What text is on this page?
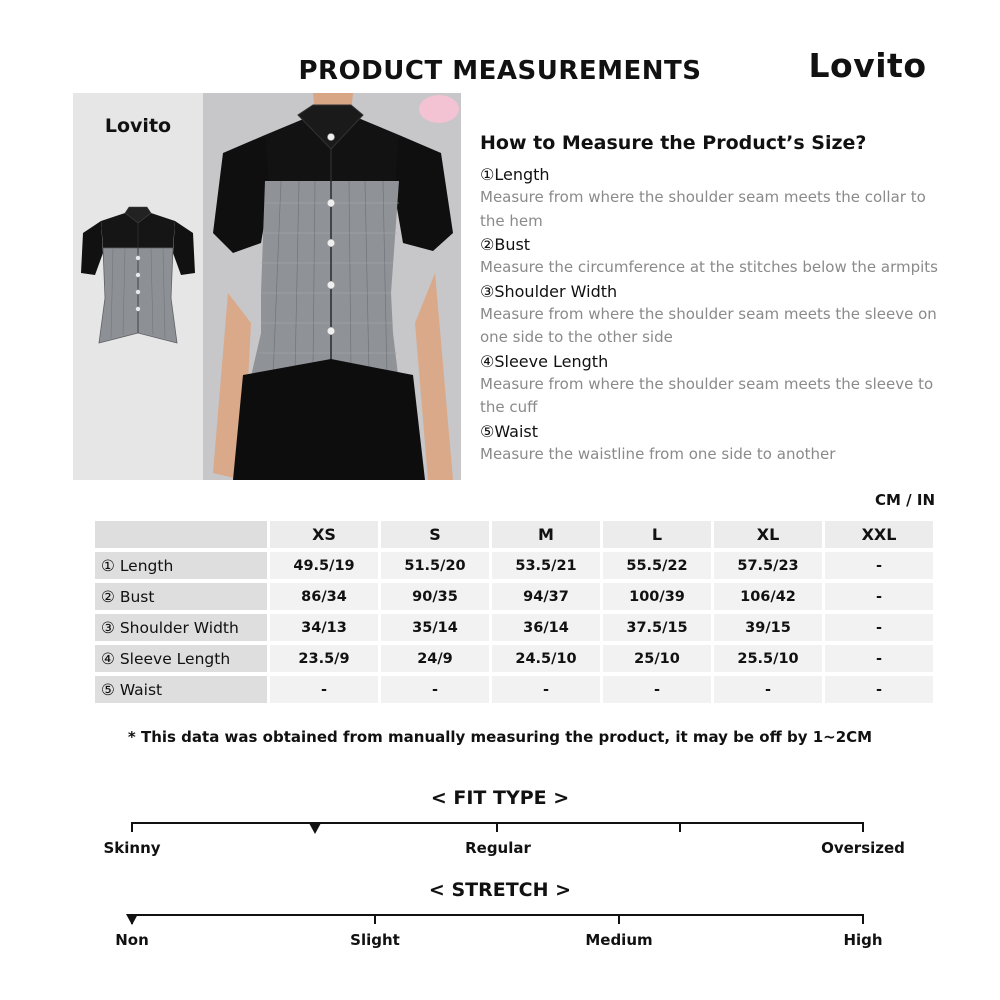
PRODUCT MEASUREMENTS	Lovito
Lovito
How to Measure the Product’s Size?
①Length
Measure from where the shoulder seam meets the collar to the hem
②Bust
Measure the circumference at the stitches below the armpits
③Shoulder Width
Measure from where the shoulder seam meets the sleeve on one side to the other side
④Sleeve Length
Measure from where the shoulder seam meets the sleeve to the cuff
⑤Waist
Measure the waistline from one side to another
CM / IN
	XS	S	M	L	XL	XXL
① Length	49.5/19	51.5/20	53.5/21	55.5/22	57.5/23	-
② Bust	86/34	90/35	94/37	100/39	106/42	-
③ Shoulder Width	34/13	35/14	36/14	37.5/15	39/15	-
④ Sleeve Length	23.5/9	24/9	24.5/10	25/10	25.5/10	-
⑤ Waist	-	-	-	-	-	-
* This data was obtained from manually measuring the product, it may be off by 1~2CM
< FIT TYPE >
Skinny	Regular	Oversized
< STRETCH >
Non	Slight	Medium	High
